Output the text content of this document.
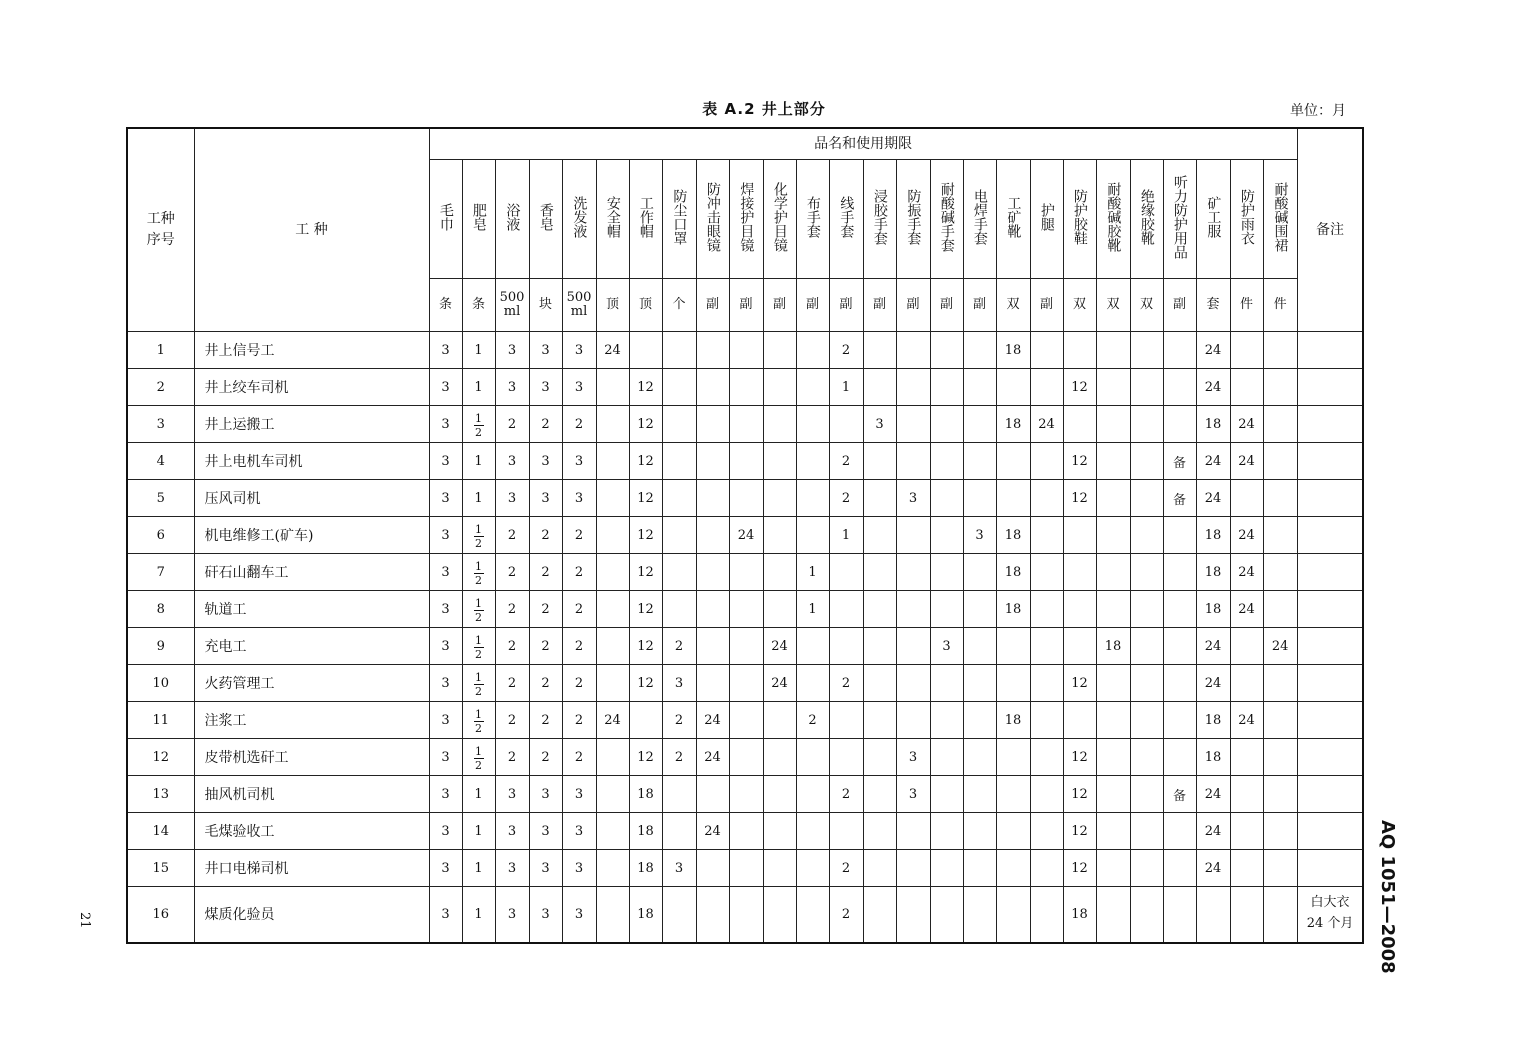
表 A.2 井上部分	单位：月
AQ 1051—2008
21
工种序号	工 种	品名和使用期限																										备注
		毛巾	肥皂	浴液	香皂	洗发液	安全帽	工作帽	防尘口罩	防冲击眼镜	焊接护目镜	化学护目镜	布手套	线手套	浸胶手套	防振手套	耐酸碱手套	电焊手套	工矿靴	护腿	防护胶鞋	耐酸碱胶靴	绝缘胶靴	听力防护用品	矿工服	防护雨衣	耐酸碱围裙	
		条	条	500 ml	块	500 ml	顶	顶	个	副	副	副	副	副	副	副	副	副	双	副	双	双	双	副	套	件	件	
1	井上信号工	3	1	3	3	3	24							2					18						24			
2	井上绞车司机	3	1	3	3	3		12						1							12				24			
3	井上运搬工	3	$\frac{1}{2}$	2	2	2		12							3				18	24					18	24		
4	井上电机车司机	3	1	3	3	3		12						2							12			备	24	24		
5	压风司机	3	1	3	3	3		12						2		3					12			备	24			
6	机电维修工(矿车)	3	$\frac{1}{2}$	2	2	2		12			24			1				3	18						18	24		
7	矸石山翻车工	3	$\frac{1}{2}$	2	2	2		12					1						18						18	24		
8	轨道工	3	$\frac{1}{2}$	2	2	2		12					1						18						18	24		
9	充电工	3	$\frac{1}{2}$	2	2	2		12	2			24					3					18			24		24	
10	火药管理工	3	$\frac{1}{2}$	2	2	2		12	3			24		2							12				24			
11	注浆工	3	$\frac{1}{2}$	2	2	2	24		2	24			2						18						18	24		
12	皮带机选矸工	3	$\frac{1}{2}$	2	2	2		12	2	24						3					12				18			
13	抽风机司机	3	1	3	3	3		18						2		3					12			备	24			
14	毛煤验收工	3	1	3	3	3		18		24											12				24			
15	井口电梯司机	3	1	3	3	3		18	3					2							12				24			
16	煤质化验员	3	1	3	3	3		18						2							18							白大衣
24 个月
